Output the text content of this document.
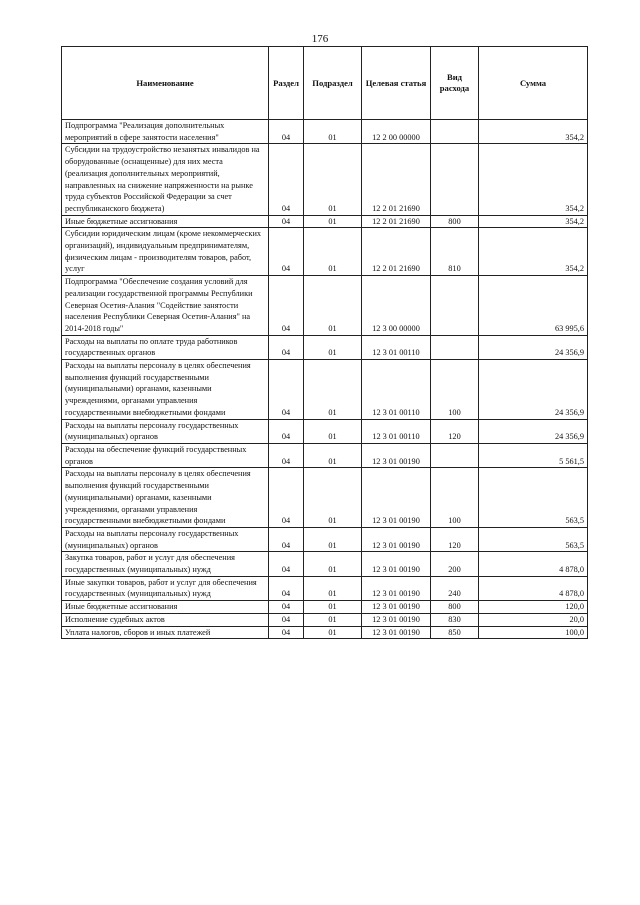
176
Наименование	Раздел	Подраздел	Целевая статья	Вид расхода	Сумма
Подпрограмма "Реализация дополнительных мероприятий в сфере занятости населения"	04	01	12 2 00 00000		354,2
Субсидии на трудоустройство незанятых инвалидов на оборудованные (оснащенные) для них места (реализация дополнительных мероприятий, направленных на снижение напряженности на рынке труда субъектов Российской Федерации за счет республиканского бюджета)	04	01	12 2 01 21690		354,2
Иные бюджетные ассигнования	04	01	12 2 01 21690	800	354,2
Субсидии юридическим лицам (кроме некоммерческих организаций), индивидуальным предпринимателям, физическим лицам - производителям товаров, работ, услуг	04	01	12 2 01 21690	810	354,2
Подпрограмма "Обеспечение создания условий для реализации государственной программы Республики Северная Осетия-Алания "Содействие занятости населения Республики Северная Осетия-Алания" на 2014-2018 годы"	04	01	12 3 00 00000		63 995,6
Расходы на выплаты по оплате труда работников государственных органов	04	01	12 3 01 00110		24 356,9
Расходы на выплаты персоналу в целях обеспечения выполнения функций государственными (муниципальными) органами, казенными учреждениями, органами управления государственными внебюджетными фондами	04	01	12 3 01 00110	100	24 356,9
Расходы на выплаты персоналу государственных (муниципальных) органов	04	01	12 3 01 00110	120	24 356,9
Расходы на обеспечение функций государственных органов	04	01	12 3 01 00190		5 561,5
Расходы на выплаты персоналу в целях обеспечения выполнения функций государственными (муниципальными) органами, казенными учреждениями, органами управления государственными внебюджетными фондами	04	01	12 3 01 00190	100	563,5
Расходы на выплаты персоналу государственных (муниципальных) органов	04	01	12 3 01 00190	120	563,5
Закупка товаров, работ и услуг для обеспечения государственных (муниципальных) нужд	04	01	12 3 01 00190	200	4 878,0
Иные закупки товаров, работ и услуг для обеспечения государственных (муниципальных) нужд	04	01	12 3 01 00190	240	4 878,0
Иные бюджетные ассигнования	04	01	12 3 01 00190	800	120,0
Исполнение судебных актов	04	01	12 3 01 00190	830	20,0
Уплата налогов, сборов и иных платежей	04	01	12 3 01 00190	850	100,0
